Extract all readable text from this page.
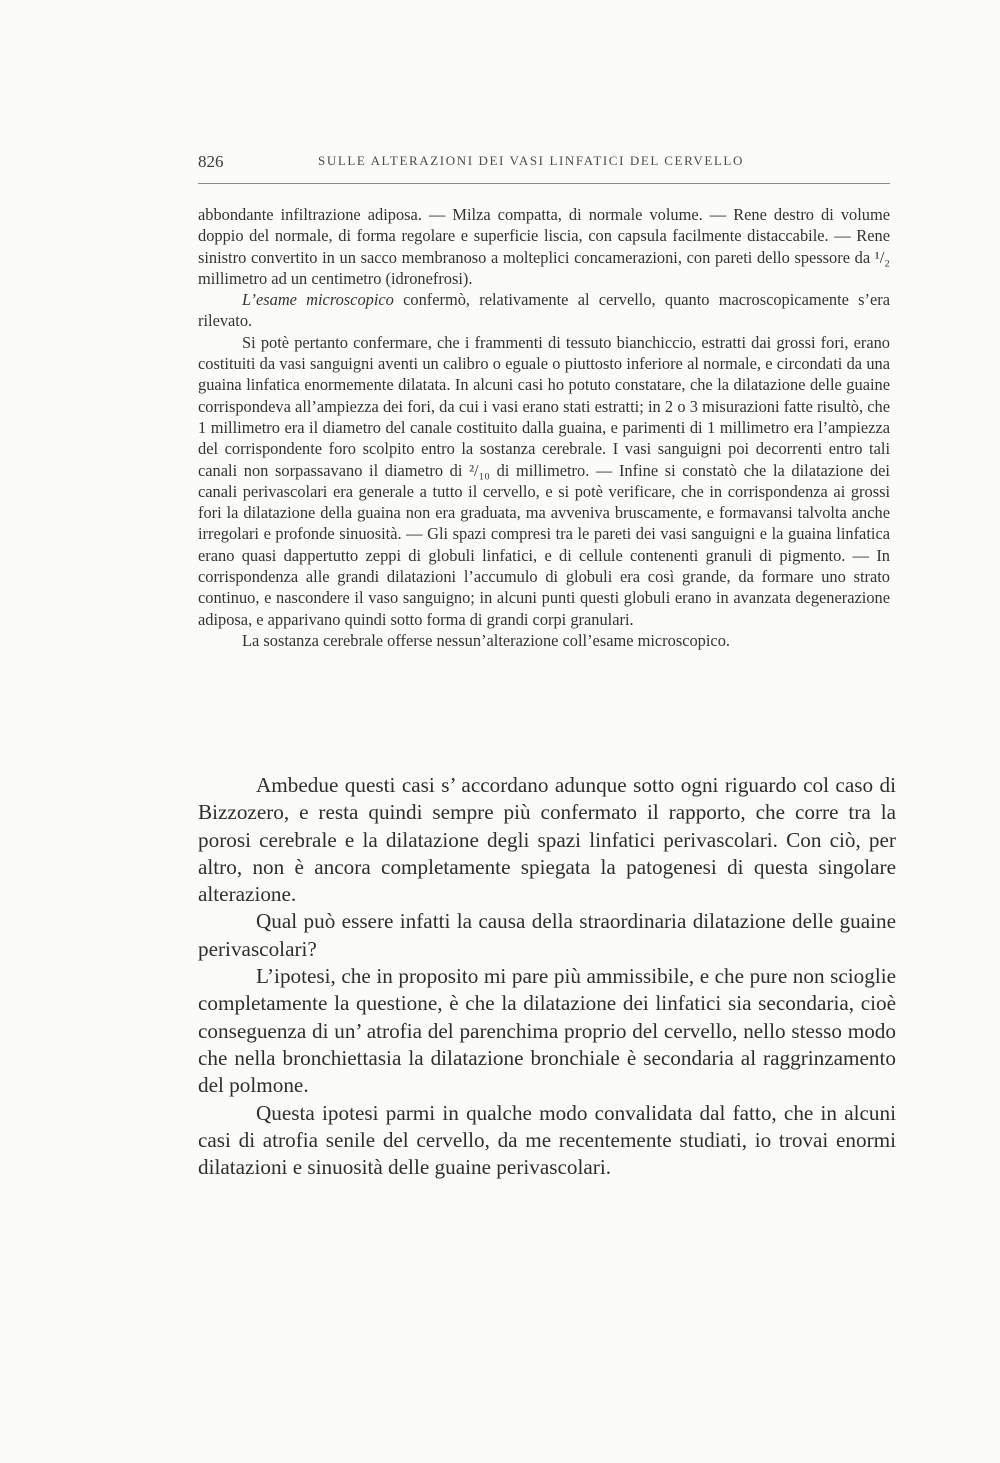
826	SULLE ALTERAZIONI DEI VASI LINFATICI DEL CERVELLO

abbondante infiltrazione adiposa. — Milza compatta, di normale volume. — Rene destro di volume doppio del normale, di forma regolare e superficie liscia, con capsula facilmente distaccabile. — Rene sinistro convertito in un sacco membranoso a molteplici concamerazioni, con pareti dello spessore da ¹/₂ millimetro ad un centimetro (idronefrosi).

L’esame microscopico confermò, relativamente al cervello, quanto macroscopicamente s’era rilevato.

Si potè pertanto confermare, che i frammenti di tessuto bianchiccio, estratti dai grossi fori, erano costituiti da vasi sanguigni aventi un calibro o eguale o piuttosto inferiore al normale, e circondati da una guaina linfatica enormemente dilatata. In alcuni casi ho potuto constatare, che la dilatazione delle guaine corrispondeva all’ampiezza dei fori, da cui i vasi erano stati estratti; in 2 o 3 misurazioni fatte risultò, che 1 millimetro era il diametro del canale costituito dalla guaina, e parimenti di 1 millimetro era l’ampiezza del corrispondente foro scolpito entro la sostanza cerebrale. I vasi sanguigni poi decorrenti entro tali canali non sorpassavano il diametro di ²/₁₀ di millimetro. — Infine si constatò che la dilatazione dei canali perivascolari era generale a tutto il cervello, e si potè verificare, che in corrispondenza ai grossi fori la dilatazione della guaina non era graduata, ma avveniva bruscamente, e formavansi talvolta anche irregolari e profonde sinuosità. — Gli spazi compresi tra le pareti dei vasi sanguigni e la guaina linfatica erano quasi dappertutto zeppi di globuli linfatici, e di cellule contenenti granuli di pigmento. — In corrispondenza alle grandi dilatazioni l’accumulo di globuli era così grande, da formare uno strato continuo, e nascondere il vaso sanguigno; in alcuni punti questi globuli erano in avanzata degenerazione adiposa, e apparivano quindi sotto forma di grandi corpi granulari.

La sostanza cerebrale offerse nessun’alterazione coll’esame microscopico.

Ambedue questi casi s’ accordano adunque sotto ogni riguardo col caso di Bizzozero, e resta quindi sempre più confermato il rapporto, che corre tra la porosi cerebrale e la dilatazione degli spazi linfatici perivascolari. Con ciò, per altro, non è ancora completamente spiegata la patogenesi di questa singolare alterazione.

Qual può essere infatti la causa della straordinaria dilatazione delle guaine perivascolari?

L’ipotesi, che in proposito mi pare più ammissibile, e che pure non scioglie completamente la questione, è che la dilatazione dei linfatici sia secondaria, cioè conseguenza di un’ atrofia del parenchima proprio del cervello, nello stesso modo che nella bronchiettasia la dilatazione bronchiale è secondaria al raggrinzamento del polmone.

Questa ipotesi parmi in qualche modo convalidata dal fatto, che in alcuni casi di atrofia senile del cervello, da me recentemente studiati, io trovai enormi dilatazioni e sinuosità delle guaine perivascolari.
